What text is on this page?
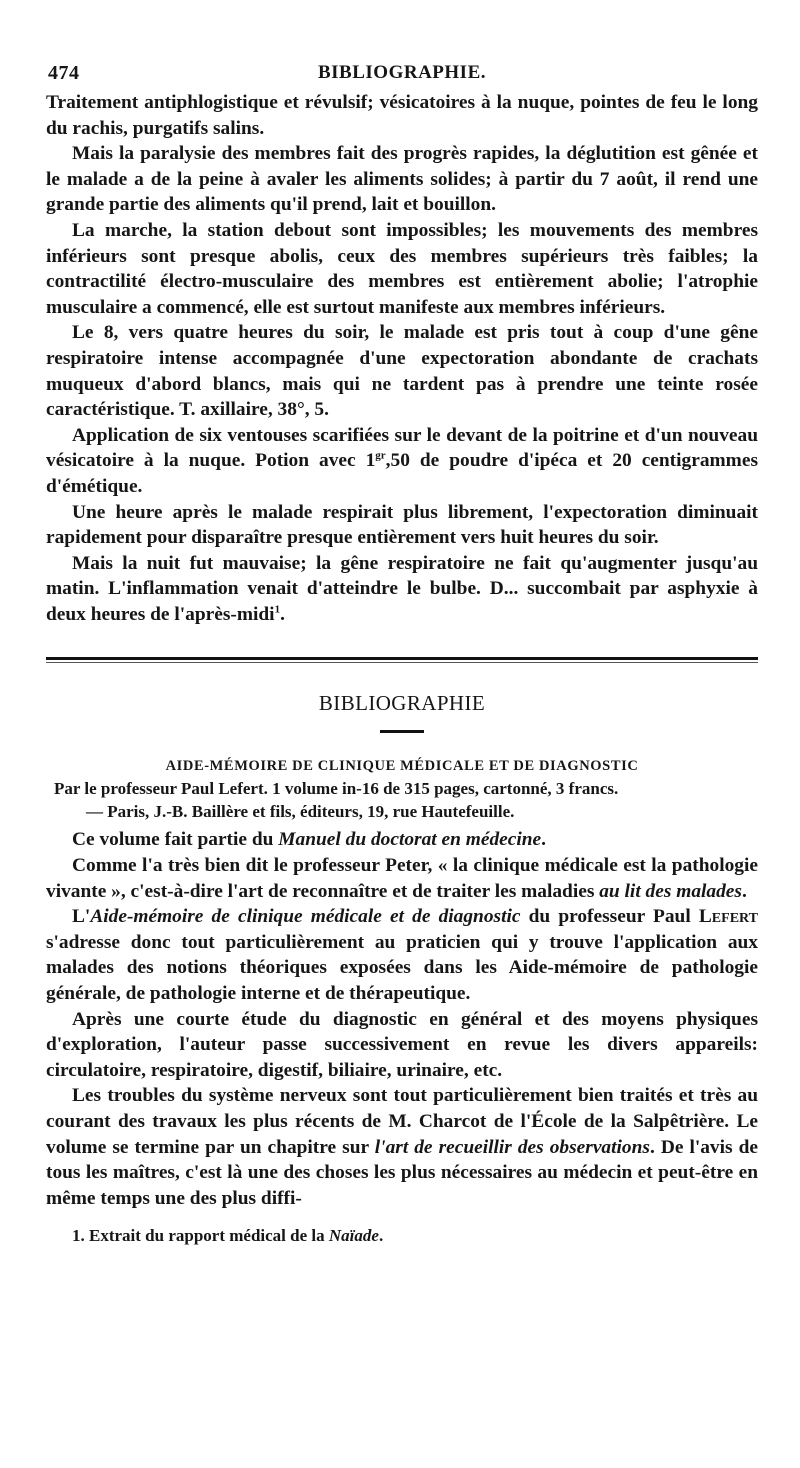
474	BIBLIOGRAPHIE.

Traitement antiphlogistique et révulsif; vésicatoires à la nuque, pointes de feu le long du rachis, purgatifs salins.

Mais la paralysie des membres fait des progrès rapides, la déglutition est gênée et le malade a de la peine à avaler les aliments solides; à partir du 7 août, il rend une grande partie des aliments qu'il prend, lait et bouillon.

La marche, la station debout sont impossibles; les mouvements des membres inférieurs sont presque abolis, ceux des membres supérieurs très faibles; la contractilité électro-musculaire des membres est entièrement abolie; l'atrophie musculaire a commencé, elle est surtout manifeste aux membres inférieurs.

Le 8, vers quatre heures du soir, le malade est pris tout à coup d'une gêne respiratoire intense accompagnée d'une expectoration abondante de crachats muqueux d'abord blancs, mais qui ne tardent pas à prendre une teinte rosée caractéristique. T. axillaire, 38°, 5.

Application de six ventouses scarifiées sur le devant de la poitrine et d'un nouveau vésicatoire à la nuque. Potion avec $1^{gr},50$ de poudre d'ipéca et 20 centigrammes d'émétique.

Une heure après le malade respirait plus librement, l'expectoration diminuait rapidement pour disparaître presque entièrement vers huit heures du soir.

Mais la nuit fut mauvaise; la gêne respiratoire ne fait qu'augmenter jusqu'au matin. L'inflammation venait d'atteindre le bulbe. D... succombait par asphyxie à deux heures de l'après-midi$^1$.

BIBLIOGRAPHIE
AIDE-MÉMOIRE DE CLINIQUE MÉDICALE ET DE DIAGNOSTIC

Par le professeur Paul Lefert. 1 volume in-16 de 315 pages, cartonné, 3 francs.

— Paris, J.-B. Baillère et fils, éditeurs, 19, rue Hautefeuille.

Ce volume fait partie du Manuel du doctorat en médecine.

Comme l'a très bien dit le professeur Peter, « la clinique médicale est la pathologie vivante », c'est-à-dire l'art de reconnaître et de traiter les maladies au lit des malades.

L'Aide-mémoire de clinique médicale et de diagnostic du professeur Paul Lefert s'adresse donc tout particulièrement au praticien qui y trouve l'application aux malades des notions théoriques exposées dans les Aide-mémoire de pathologie générale, de pathologie interne et de thérapeutique.

Après une courte étude du diagnostic en général et des moyens physiques d'exploration, l'auteur passe successivement en revue les divers appareils: circulatoire, respiratoire, digestif, biliaire, urinaire, etc.

Les troubles du système nerveux sont tout particulièrement bien traités et très au courant des travaux les plus récents de M. Charcot de l'École de la Salpêtrière. Le volume se termine par un chapitre sur l'art de recueillir des observations. De l'avis de tous les maîtres, c'est là une des choses les plus nécessaires au médecin et peut-être en même temps une des plus diffi-

1. Extrait du rapport médical de la Naïade.
